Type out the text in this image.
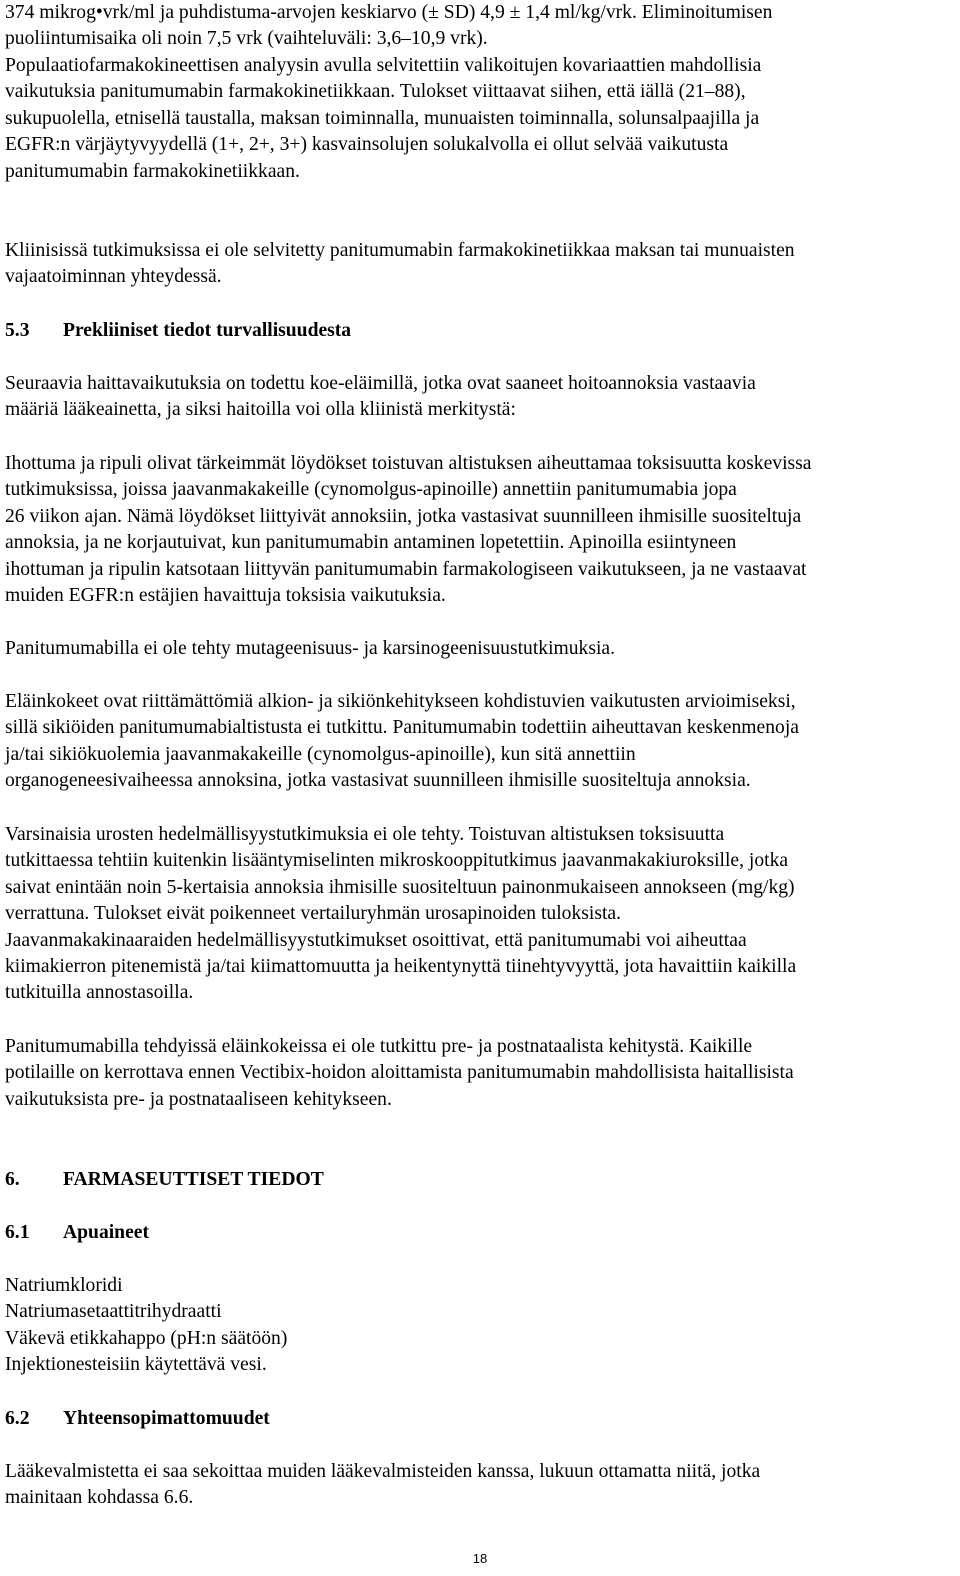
374 mikrog•vrk/ml ja puhdistuma-arvojen keskiarvo (± SD) 4,9 ± 1,4 ml/kg/vrk. Eliminoitumisen
puoliintumisaika oli noin 7,5 vrk (vaihteluväli: 3,6–10,9 vrk).
Populaatiofarmakokineettisen analyysin avulla selvitettiin valikoitujen kovariaattien mahdollisia
vaikutuksia panitumumabin farmakokinetiikkaan. Tulokset viittaavat siihen, että iällä (21–88),
sukupuolella, etnisellä taustalla, maksan toiminnalla, munuaisten toiminnalla, solunsalpaajilla ja
EGFR:n värjäytyvyydellä (1+, 2+, 3+) kasvainsolujen solukalvolla ei ollut selvää vaikutusta
panitumumabin farmakokinetiikkaan.
Kliinisissä tutkimuksissa ei ole selvitetty panitumumabin farmakokinetiikkaa maksan tai munuaisten
vajaatoiminnan yhteydessä.
5.3 Prekliiniset tiedot turvallisuudesta
Seuraavia haittavaikutuksia on todettu koe-eläimillä, jotka ovat saaneet hoitoannoksia vastaavia
määriä lääkeainetta, ja siksi haitoilla voi olla kliinistä merkitystä:
Ihottuma ja ripuli olivat tärkeimmät löydökset toistuvan altistuksen aiheuttamaa toksisuutta koskevissa
tutkimuksissa, joissa jaavanmakakeille (cynomolgus-apinoille) annettiin panitumumabia jopa
26 viikon ajan. Nämä löydökset liittyivät annoksiin, jotka vastasivat suunnilleen ihmisille suositeltuja
annoksia, ja ne korjautuivat, kun panitumumabin antaminen lopetettiin. Apinoilla esiintyneen
ihottuman ja ripulin katsotaan liittyvän panitumumabin farmakologiseen vaikutukseen, ja ne vastaavat
muiden EGFR:n estäjien havaittuja toksisia vaikutuksia.
Panitumumabilla ei ole tehty mutageenisuus- ja karsinogeenisuustutkimuksia.
Eläinkokeet ovat riittämättömiä alkion- ja sikiönkehitykseen kohdistuvien vaikutusten arvioimiseksi,
sillä sikiöiden panitumumabialtistusta ei tutkittu. Panitumumabin todettiin aiheuttavan keskenmenoja
ja/tai sikiökuolemia jaavanmakakeille (cynomolgus-apinoille), kun sitä annettiin
organogeneesivaiheessa annoksina, jotka vastasivat suunnilleen ihmisille suositeltuja annoksia.
Varsinaisia urosten hedelmällisyystutkimuksia ei ole tehty. Toistuvan altistuksen toksisuutta
tutkittaessa tehtiin kuitenkin lisääntymiselinten mikroskooppitutkimus jaavanmakakiuroksille, jotka
saivat enintään noin 5-kertaisia annoksia ihmisille suositeltuun painonmukaiseen annokseen (mg/kg)
verrattuna. Tulokset eivät poikenneet vertailuryhmän urosapinoiden tuloksista.
Jaavanmakakinaaraiden hedelmällisyystutkimukset osoittivat, että panitumumabi voi aiheuttaa
kiimakierron pitenemistä ja/tai kiimattomuutta ja heikentynyttä tiinehtyvyyttä, jota havaittiin kaikilla
tutkituilla annostasoilla.
Panitumumabilla tehdyissä eläinkokeissa ei ole tutkittu pre- ja postnataalista kehitystä. Kaikille
potilaille on kerrottava ennen Vectibix-hoidon aloittamista panitumumabin mahdollisista haitallisista
vaikutuksista pre- ja postnataaliseen kehitykseen.
6. FARMASEUTTISET TIEDOT
6.1 Apuaineet
Natriumkloridi
Natriumasetaattitrihydraatti
Väkevä etikkahappo (pH:n säätöön)
Injektionesteisiin käytettävä vesi.
6.2 Yhteensopimattomuudet
Lääkevalmistetta ei saa sekoittaa muiden lääkevalmisteiden kanssa, lukuun ottamatta niitä, jotka
mainitaan kohdassa 6.6.
18
